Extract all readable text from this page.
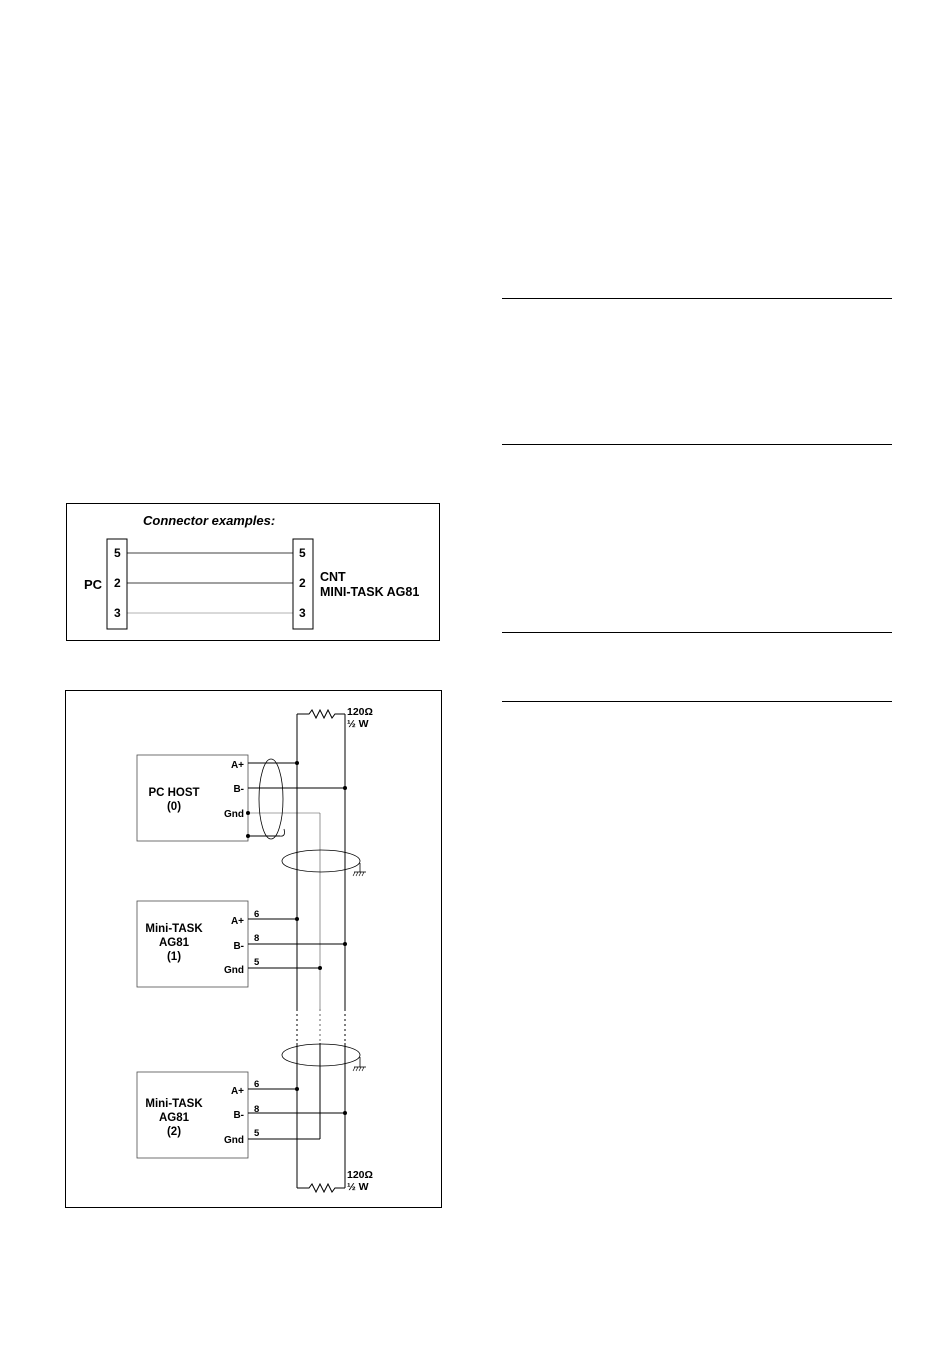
Connector examples:
5
2
3
5
2
3
PC	CNT
MINI-TASK AG81
120Ω
½ W
120Ω
½ W
PC HOST
(0)
A+
B-
Gnd
Mini-TASK
AG81
(1)
A+
B-
Gnd
6
8
5
Mini-TASK
AG81
(2)
A+
B-
Gnd
6
8
5
